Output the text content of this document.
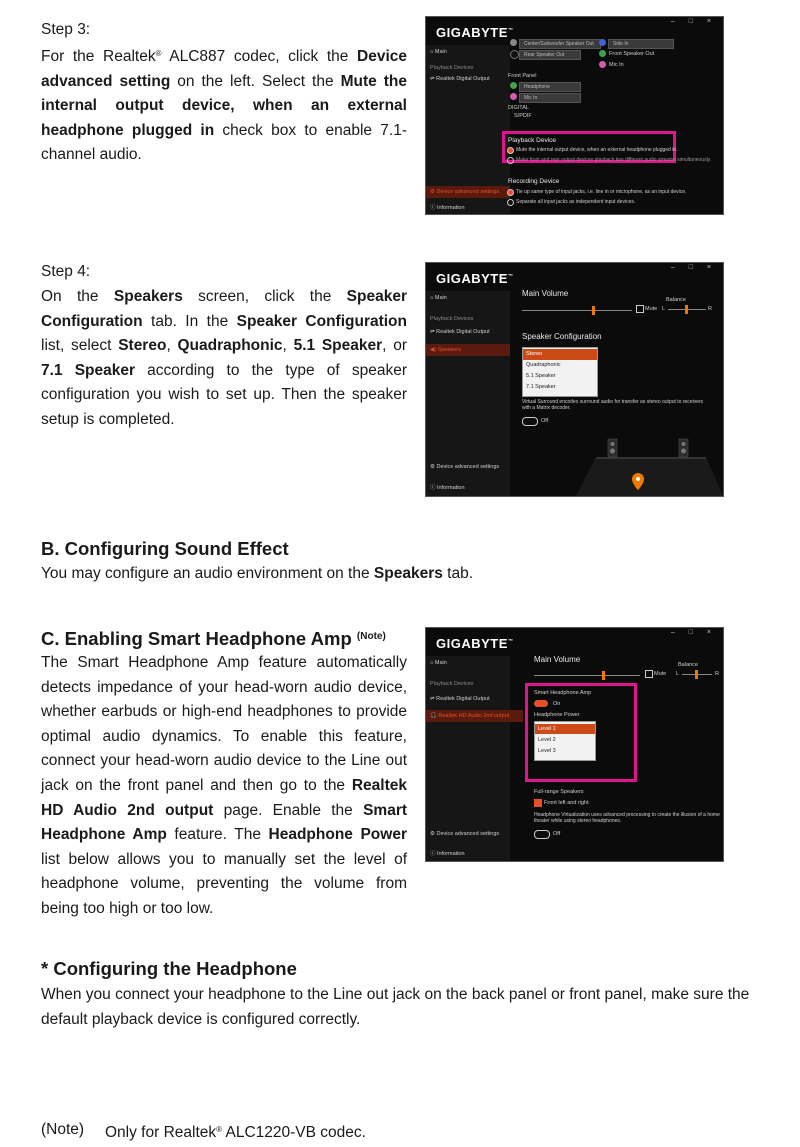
Step 3:
For the Realtek® ALC887 codec, click the Device advanced setting on the left. Select the Mute the internal output device, when an external headphone plugged in check box to enable 7.1-channel audio.
GIGABYTE™
– □ ×
⌂ Main
Playback Devices
⇌ Realtek Digital Output
⚙ Device advanced settings
ⓘ Information
Center/Subwoofer Speaker Out
Rear Speaker Out
Side In
Front Speaker Out
Mic In
Front Panel
Headphone
Mic In
DIGITAL
S/PDIF
Playback Device
Mute the internal output device, when an external headphone plugged in.
Make front and rear output devices playback two different audio streams simultaneously.
Recording Device
Tie up same type of input jacks, i.e. line in or microphone, as an input device.
Separate all input jacks as independent input devices.
Step 4:
On the Speakers screen, click the Speaker Configuration tab. In the Speaker Configuration list, select Stereo, Quadraphonic, 5.1 Speaker, or 7.1 Speaker according to the type of speaker configuration you wish to set up. Then the speaker setup is completed.
GIGABYTE™
– □ ×
⌂ Main
Playback Devices
⇌ Realtek Digital Output
◀) Speakers
⚙ Device advanced settings
ⓘ Information
Main Volume
Mute
Balance
L	R
Speaker Configuration
Stereo
Quadraphonic
5.1 Speaker
7.1 Speaker
Virtual Surround encodes surround audio for transfer as stereo output to receivers with a Matrix decoder.
Off
B. Configuring Sound Effect
You may configure an audio environment on the Speakers tab.
C. Enabling Smart Headphone Amp $^{(Note)}$
The Smart Headphone Amp feature automatically detects impedance of your head-worn audio device, whether earbuds or high-end headphones to provide optimal audio dynamics. To enable this feature, connect your head-worn audio device to the Line out jack on the front panel and then go to the Realtek HD Audio 2nd output page. Enable the Smart Headphone Amp feature. The Headphone Power list below allows you to manually set the level of headphone volume, preventing the volume from being too high or too low.
GIGABYTE™
– □ ×
⌂ Main
Playback Devices
⇌ Realtek Digital Output
🎧 Realtek HD Audio 2nd output
⚙ Device advanced settings
ⓘ Information
Main Volume
Mute
Balance
L	R
Smart Headphone Amp
On
Headphone Power
Level 1
Level 2
Level 3
Full-range Speakers
Front left and right
Headphone Virtualization uses advanced processing to create the illusion of a home theater while using stereo headphones.
Off
* Configuring the Headphone
When you connect your headphone to the Line out jack on the back panel or front panel, make sure the default playback device is configured correctly.
(Note) Only for Realtek® ALC1220-VB codec.
